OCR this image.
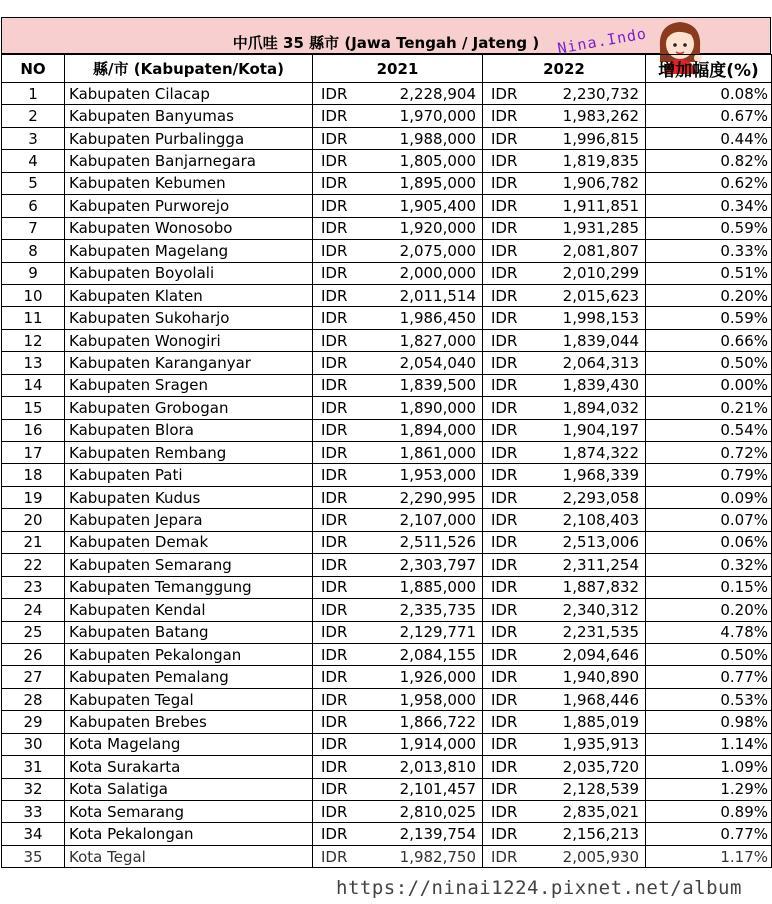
中爪哇 35 縣市 (Jawa Tengah / Jateng )	Nina.Indo
NO	縣/市 (Kabupaten/Kota)	2021		2022		增加幅度(%)
1	Kabupaten Cilacap	IDR	2,228,904	IDR	2,230,732	0.08%
2	Kabupaten Banyumas	IDR	1,970,000	IDR	1,983,262	0.67%
3	Kabupaten Purbalingga	IDR	1,988,000	IDR	1,996,815	0.44%
4	Kabupaten Banjarnegara	IDR	1,805,000	IDR	1,819,835	0.82%
5	Kabupaten Kebumen	IDR	1,895,000	IDR	1,906,782	0.62%
6	Kabupaten Purworejo	IDR	1,905,400	IDR	1,911,851	0.34%
7	Kabupaten Wonosobo	IDR	1,920,000	IDR	1,931,285	0.59%
8	Kabupaten Magelang	IDR	2,075,000	IDR	2,081,807	0.33%
9	Kabupaten Boyolali	IDR	2,000,000	IDR	2,010,299	0.51%
10	Kabupaten Klaten	IDR	2,011,514	IDR	2,015,623	0.20%
11	Kabupaten Sukoharjo	IDR	1,986,450	IDR	1,998,153	0.59%
12	Kabupaten Wonogiri	IDR	1,827,000	IDR	1,839,044	0.66%
13	Kabupaten Karanganyar	IDR	2,054,040	IDR	2,064,313	0.50%
14	Kabupaten Sragen	IDR	1,839,500	IDR	1,839,430	0.00%
15	Kabupaten Grobogan	IDR	1,890,000	IDR	1,894,032	0.21%
16	Kabupaten Blora	IDR	1,894,000	IDR	1,904,197	0.54%
17	Kabupaten Rembang	IDR	1,861,000	IDR	1,874,322	0.72%
18	Kabupaten Pati	IDR	1,953,000	IDR	1,968,339	0.79%
19	Kabupaten Kudus	IDR	2,290,995	IDR	2,293,058	0.09%
20	Kabupaten Jepara	IDR	2,107,000	IDR	2,108,403	0.07%
21	Kabupaten Demak	IDR	2,511,526	IDR	2,513,006	0.06%
22	Kabupaten Semarang	IDR	2,303,797	IDR	2,311,254	0.32%
23	Kabupaten Temanggung	IDR	1,885,000	IDR	1,887,832	0.15%
24	Kabupaten Kendal	IDR	2,335,735	IDR	2,340,312	0.20%
25	Kabupaten Batang	IDR	2,129,771	IDR	2,231,535	4.78%
26	Kabupaten Pekalongan	IDR	2,084,155	IDR	2,094,646	0.50%
27	Kabupaten Pemalang	IDR	1,926,000	IDR	1,940,890	0.77%
28	Kabupaten Tegal	IDR	1,958,000	IDR	1,968,446	0.53%
29	Kabupaten Brebes	IDR	1,866,722	IDR	1,885,019	0.98%
30	Kota Magelang	IDR	1,914,000	IDR	1,935,913	1.14%
31	Kota Surakarta	IDR	2,013,810	IDR	2,035,720	1.09%
32	Kota Salatiga	IDR	2,101,457	IDR	2,128,539	1.29%
33	Kota Semarang	IDR	2,810,025	IDR	2,835,021	0.89%
34	Kota Pekalongan	IDR	2,139,754	IDR	2,156,213	0.77%
35	Kota Tegal	IDR	1,982,750	IDR	2,005,930	1.17%
https://ninai1224.pixnet.net/album
